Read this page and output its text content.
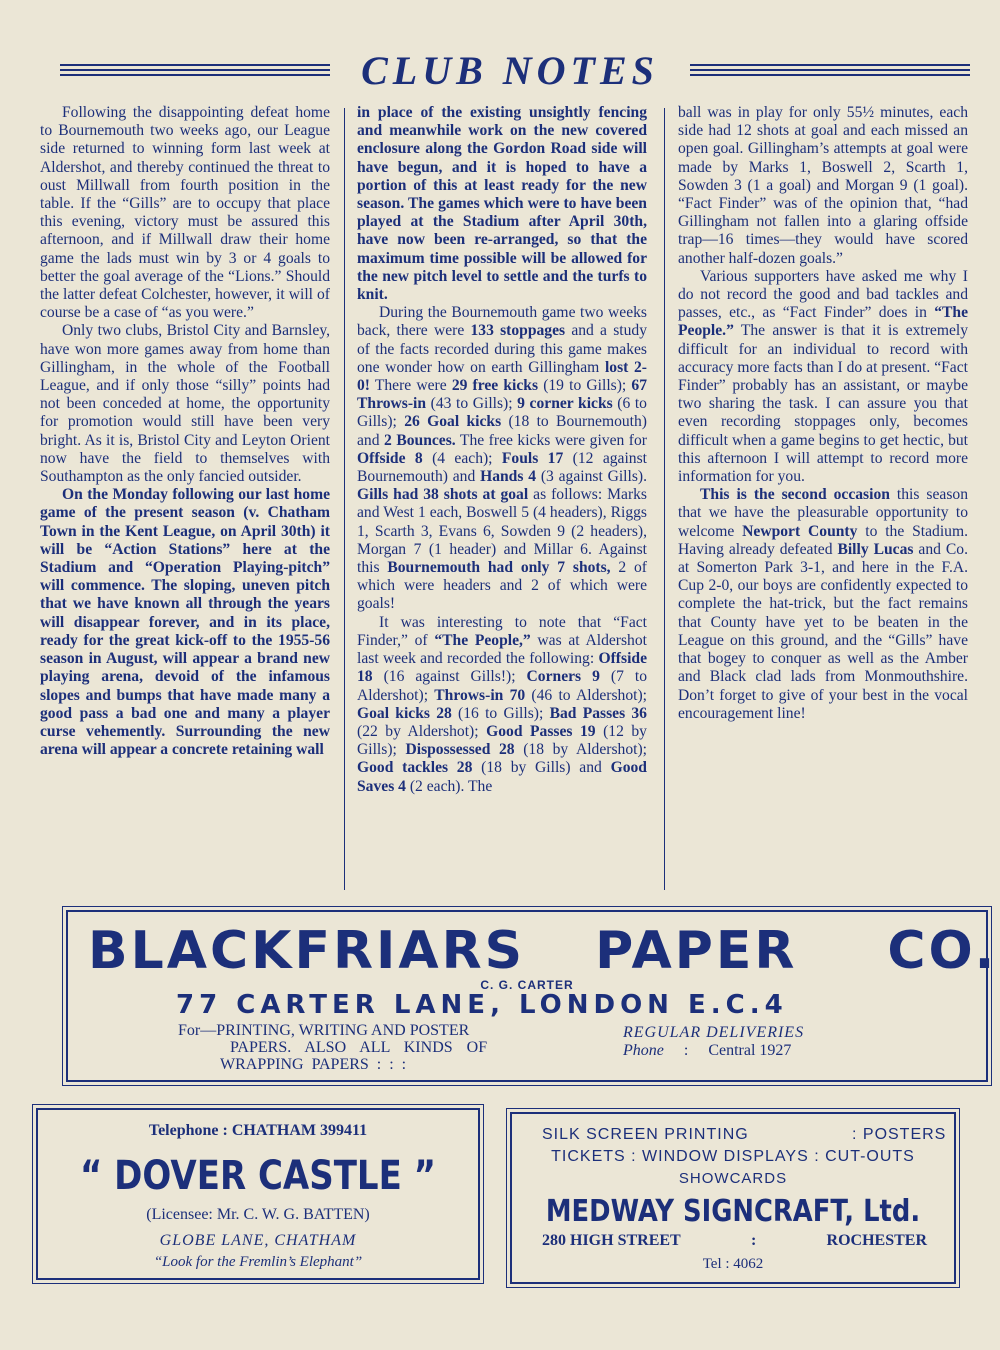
CLUB NOTES

Following the disappointing defeat home to Bournemouth two weeks ago, our League side returned to winning form last week at Aldershot, and thereby continued the threat to oust Millwall from fourth position in the table. If the “Gills” are to occupy that place this evening, victory must be assured this afternoon, and if Millwall draw their home game the lads must win by 3 or 4 goals to better the goal average of the “Lions.” Should the latter defeat Colchester, however, it will of course be a case of “as you were.”

Only two clubs, Bristol City and Barnsley, have won more games away from home than Gillingham, in the whole of the Football League, and if only those “silly” points had not been conceded at home, the opportunity for promotion would still have been very bright. As it is, Bristol City and Leyton Orient now have the field to themselves with Southampton as the only fancied outsider.

On the Monday following our last home game of the present season (v. Chatham Town in the Kent League, on April 30th) it will be “Action Stations” here at the Stadium and “Operation Playing-pitch” will commence. The sloping, uneven pitch that we have known all through the years will disappear forever, and in its place, ready for the great kick-off to the 1955-56 season in August, will appear a brand new playing arena, devoid of the infamous slopes and bumps that have made many a good pass a bad one and many a player curse vehemently. Surrounding the new arena will appear a concrete retaining wall

in place of the existing unsightly fencing and meanwhile work on the new covered enclosure along the Gordon Road side will have begun, and it is hoped to have a portion of this at least ready for the new season. The games which were to have been played at the Stadium after April 30th, have now been re-arranged, so that the maximum time possible will be allowed for the new pitch level to settle and the turfs to knit.

During the Bournemouth game two weeks back, there were 133 stoppages and a study of the facts recorded during this game makes one wonder how on earth Gillingham lost 2-0! There were 29 free kicks (19 to Gills); 67 Throws-in (43 to Gills); 9 corner kicks (6 to Gills); 26 Goal kicks (18 to Bournemouth) and 2 Bounces. The free kicks were given for Offside 8 (4 each); Fouls 17 (12 against Bournemouth) and Hands 4 (3 against Gills). Gills had 38 shots at goal as follows: Marks and West 1 each, Boswell 5 (4 headers), Riggs 1, Scarth 3, Evans 6, Sowden 9 (2 headers), Morgan 7 (1 header) and Millar 6. Against this Bournemouth had only 7 shots, 2 of which were headers and 2 of which were goals!

It was interesting to note that “Fact Finder,” of “The People,” was at Aldershot last week and recorded the following: Offside 18 (16 against Gills!); Corners 9 (7 to Aldershot); Throws-in 70 (46 to Aldershot); Goal kicks 28 (16 to Gills); Bad Passes 36 (22 by Aldershot); Good Passes 19 (12 by Gills); Dispossessed 28 (18 by Aldershot); Good tackles 28 (18 by Gills) and Good Saves 4 (2 each). The

ball was in play for only 55½ minutes, each side had 12 shots at goal and each missed an open goal. Gillingham’s attempts at goal were made by Marks 1, Boswell 2, Scarth 1, Sowden 3 (1 a goal) and Morgan 9 (1 goal). “Fact Finder” was of the opinion that, “had Gillingham not fallen into a glaring offside trap—16 times—they would have scored another half-dozen goals.”

Various supporters have asked me why I do not record the good and bad tackles and passes, etc., as “Fact Finder” does in “The People.” The answer is that it is extremely difficult for an individual to record with accuracy more facts than I do at present. “Fact Finder” probably has an assistant, or maybe two sharing the task. I can assure you that even recording stoppages only, becomes difficult when a game begins to get hectic, but this afternoon I will attempt to record more information for you.

This is the second occasion this season that we have the pleasurable opportunity to welcome Newport County to the Stadium. Having already defeated Billy Lucas and Co. at Somerton Park 3-1, and here in the F.A. Cup 2-0, our boys are confidently expected to complete the hat-trick, but the fact remains that County have yet to be beaten in the League on this ground, and the “Gills” have that bogey to conquer as well as the Amber and Black clad lads from Monmouthshire. Don’t forget to give of your best in the vocal encouragement line!

BLACKFRIARS PAPER CO.
C. G. CARTER
77 CARTER LANE, LONDON E.C.4
For—PRINTING, WRITING AND POSTER
PAPERS. ALSO ALL KINDS OF
WRAPPING PAPERS : : :
REGULAR DELIVERIES
Phone : Central 1927
Telephone : CHATHAM 399411
“ DOVER CASTLE ”
(Licensee: Mr. C. W. G. BATTEN)
GLOBE LANE, CHATHAM
“Look for the Fremlin’s Elephant”
SILK SCREEN PRINTING	: POSTERS
TICKETS : WINDOW DISPLAYS : CUT-OUTS
SHOWCARDS
MEDWAY SIGNCRAFT, Ltd.
280 HIGH STREET	:	ROCHESTER
Tel : 4062
